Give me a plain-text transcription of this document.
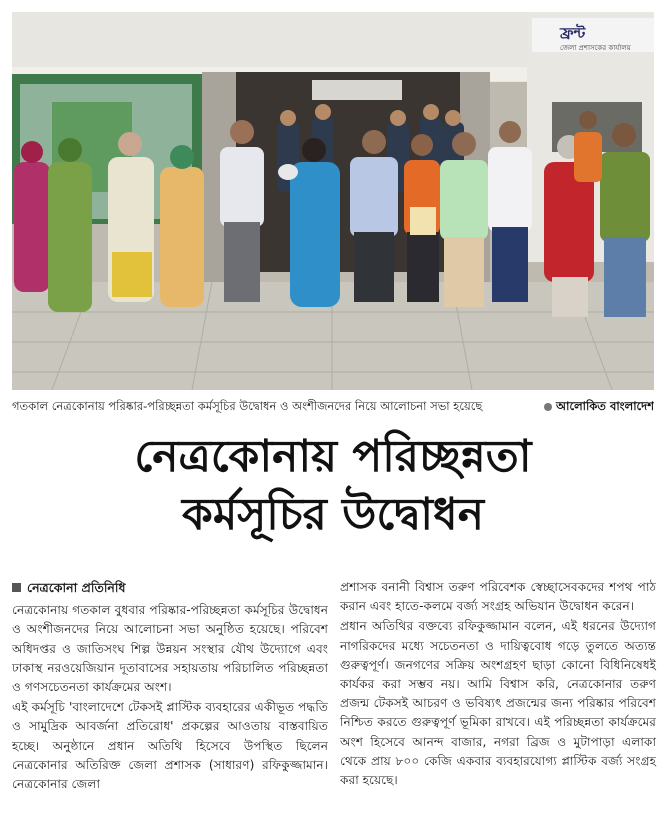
ফ্রন্ট
জেলা প্রশাসকের কার্যালয়
গতকাল নেত্রকোনায় পরিষ্কার-পরিচ্ছন্নতা কর্মসূচির উদ্বোধন ও অংশীজনদের নিয়ে আলোচনা সভা হয়েছে	আলোকিত বাংলাদেশ
নেত্রকোনায় পরিচ্ছন্নতা
কর্মসূচির উদ্বোধন
নেত্রকোনা প্রতিনিধি

নেত্রকোনায় গতকাল বুধবার পরিষ্কার-পরিচ্ছন্নতা কর্মসূচির উদ্বোধন ও অংশীজনদের নিয়ে আলোচনা সভা অনুষ্ঠিত হয়েছে। পরিবেশ অধিদপ্তর ও জাতিসংঘ শিল্প উন্নয়ন সংস্থার যৌথ উদ্যোগে এবং ঢাকাস্থ নরওয়েজিয়ান দূতাবাসের সহায়তায় পরিচালিত পরিচ্ছন্নতা ও গণসচেতনতা কার্যক্রমের অংশ।

এই কর্মসূচি 'বাংলাদেশে টেকসই প্লাস্টিক ব্যবহারের একীভূত পদ্ধতি ও সামুদ্রিক আবর্জনা প্রতিরোধ' প্রকল্পের আওতায় বাস্তবায়িত হচ্ছে। অনুষ্ঠানে প্রধান অতিথি হিসেবে উপস্থিত ছিলেন নেত্রকোনার অতিরিক্ত জেলা প্রশাসক (সাধারণ) রফিকুজ্জামান। নেত্রকোনার জেলা

প্রশাসক বনানী বিশ্বাস তরুণ পরিবেশক স্বেচ্ছাসেবকদের শপথ পাঠ করান এবং হাতে-কলমে বর্জ্য সংগ্রহ অভিযান উদ্বোধন করেন।

প্রধান অতিথির বক্তব্যে রফিকুজ্জামান বলেন, এই ধরনের উদ্যোগ নাগরিকদের মধ্যে সচেতনতা ও দায়িত্ববোধ গড়ে তুলতে অত্যন্ত গুরুত্বপূর্ণ। জনগণের সক্রিয় অংশগ্রহণ ছাড়া কোনো বিধিনিষেধই কার্যকর করা সম্ভব নয়। আমি বিশ্বাস করি, নেত্রকোনার তরুণ প্রজন্ম টেকসই আচরণ ও ভবিষ্যৎ প্রজন্মের জন্য পরিষ্কার পরিবেশ নিশ্চিত করতে গুরুত্বপূর্ণ ভূমিকা রাখবে। এই পরিচ্ছন্নতা কার্যক্রমের অংশ হিসেবে আনন্দ বাজার, নগরা ব্রিজ ও মুটাপাড়া এলাকা থেকে প্রায় ৮০০ কেজি একবার ব্যবহারযোগ্য প্লাস্টিক বর্জ্য সংগ্রহ করা হয়েছে।
